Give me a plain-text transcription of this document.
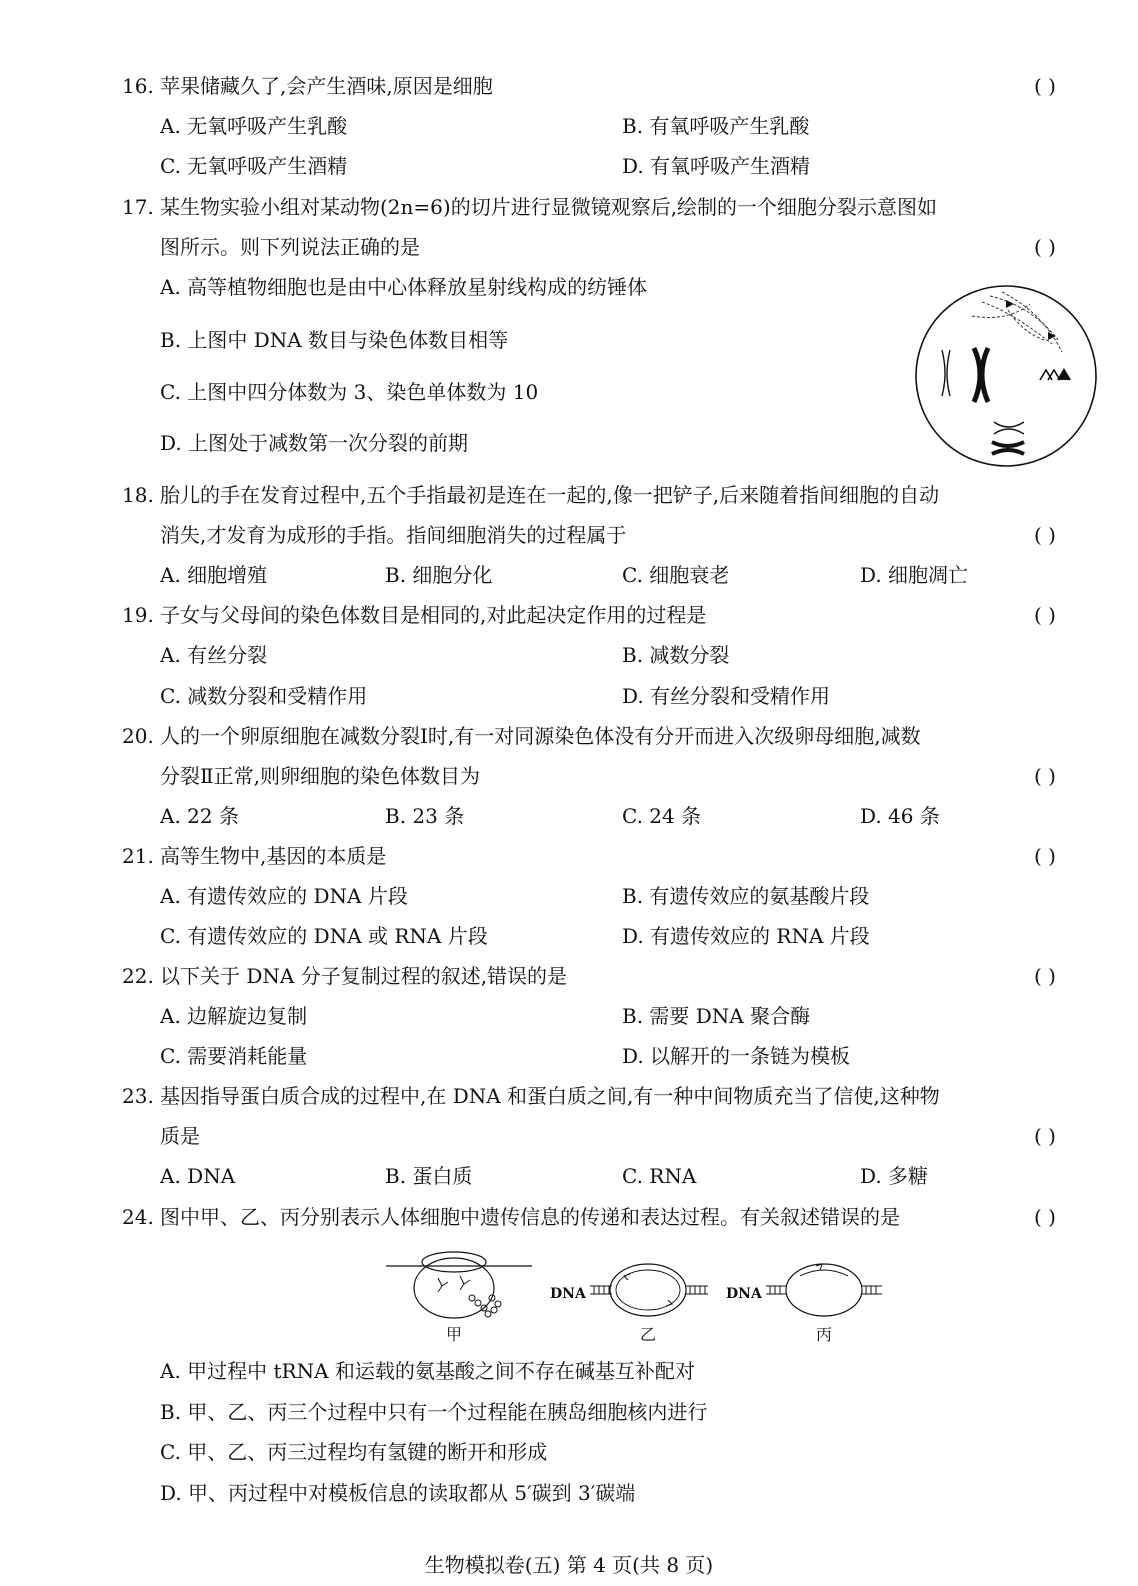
16. 苹果储藏久了,会产生酒味,原因是细胞	( )
A. 无氧呼吸产生乳酸	B. 有氧呼吸产生乳酸
C. 无氧呼吸产生酒精	D. 有氧呼吸产生酒精
17. 某生物实验小组对某动物(2n=6)的切片进行显微镜观察后,绘制的一个细胞分裂示意图如
图所示。则下列说法正确的是	( )
A. 高等植物细胞也是由中心体释放星射线构成的纺锤体
B. 上图中 DNA 数目与染色体数目相等
C. 上图中四分体数为 3、染色单体数为 10
D. 上图处于减数第一次分裂的前期
18. 胎儿的手在发育过程中,五个手指最初是连在一起的,像一把铲子,后来随着指间细胞的自动
消失,才发育为成形的手指。指间细胞消失的过程属于	( )
A. 细胞增殖	B. 细胞分化	C. 细胞衰老	D. 细胞凋亡
19. 子女与父母间的染色体数目是相同的,对此起决定作用的过程是	( )
A. 有丝分裂	B. 减数分裂
C. 减数分裂和受精作用	D. 有丝分裂和受精作用
20. 人的一个卵原细胞在减数分裂Ⅰ时,有一对同源染色体没有分开而进入次级卵母细胞,减数
分裂Ⅱ正常,则卵细胞的染色体数目为	( )
A. 22 条	B. 23 条	C. 24 条	D. 46 条
21. 高等生物中,基因的本质是	( )
A. 有遗传效应的 DNA 片段	B. 有遗传效应的氨基酸片段
C. 有遗传效应的 DNA 或 RNA 片段	D. 有遗传效应的 RNA 片段
22. 以下关于 DNA 分子复制过程的叙述,错误的是	( )
A. 边解旋边复制	B. 需要 DNA 聚合酶
C. 需要消耗能量	D. 以解开的一条链为模板
23. 基因指导蛋白质合成的过程中,在 DNA 和蛋白质之间,有一种中间物质充当了信使,这种物
质是	( )
A. DNA	B. 蛋白质	C. RNA	D. 多糖
24. 图中甲、乙、丙分别表示人体细胞中遗传信息的传递和表达过程。有关叙述错误的是	( )
甲
DNA
乙
DNA
丙
A. 甲过程中 tRNA 和运载的氨基酸之间不存在碱基互补配对
B. 甲、乙、丙三个过程中只有一个过程能在胰岛细胞核内进行
C. 甲、乙、丙三过程均有氢键的断开和形成
D. 甲、丙过程中对模板信息的读取都从 5′碳到 3′碳端
生物模拟卷(五) 第 4 页(共 8 页)
